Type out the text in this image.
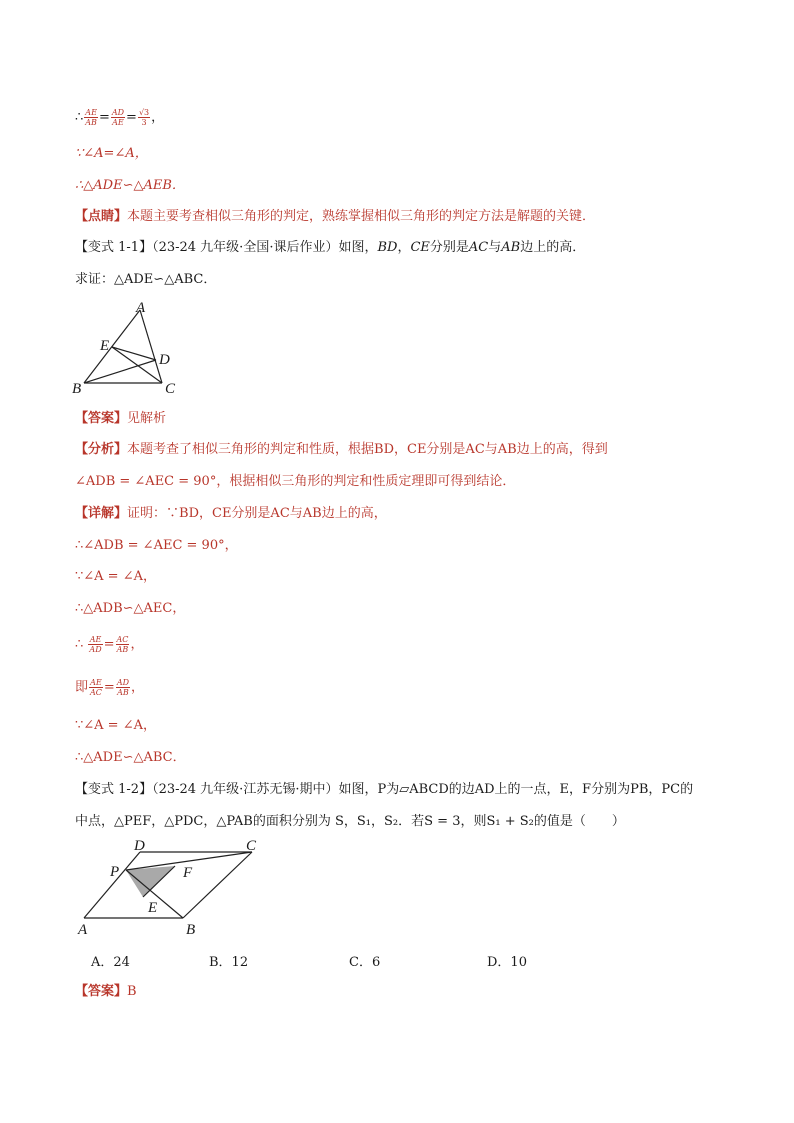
∴ $\frac{AE}{AB} = \frac{AD}{AE} = \frac{√3}{3}$ ，
∵∠A=∠A，
∴△ADE∽△AEB．
【点睛】本题主要考查相似三角形的判定，熟练掌握相似三角形的判定方法是解题的关键．
【变式 1-1】（23-24 九年级·全国·课后作业）如图，BD，CE分别是AC与AB边上的高．
求证：△ADE∽△ABC．
A
B	C
D
E
【答案】见解析
【分析】本题考查了相似三角形的判定和性质，根据BD，CE分别是AC与AB边上的高，得到
∠ADB = ∠AEC = 90°，根据相似三角形的判定和性质定理即可得到结论．
【详解】证明：∵BD，CE分别是AC与AB边上的高，
∴∠ADB = ∠AEC = 90°，
∵∠A = ∠A，
∴△ADB∽△AEC，
∴ $\frac{AE}{AD} = \frac{AC}{AB}$ ，
即 $\frac{AE}{AC} = \frac{AD}{AB}$ ，
∵∠A = ∠A，
∴△ADE∽△ABC．
【变式 1-2】（23-24 九年级·江苏无锡·期中）如图，P为▱ABCD的边AD上的一点，E，F分别为PB，PC的
中点，△PEF，△PDC，△PAB的面积分别为 S，S₁，S₂．若S = 3，则S₁ + S₂的值是（　　）
A	B
C
D
P
E
F
A．24	B．12	C．6	D．10
【答案】B
